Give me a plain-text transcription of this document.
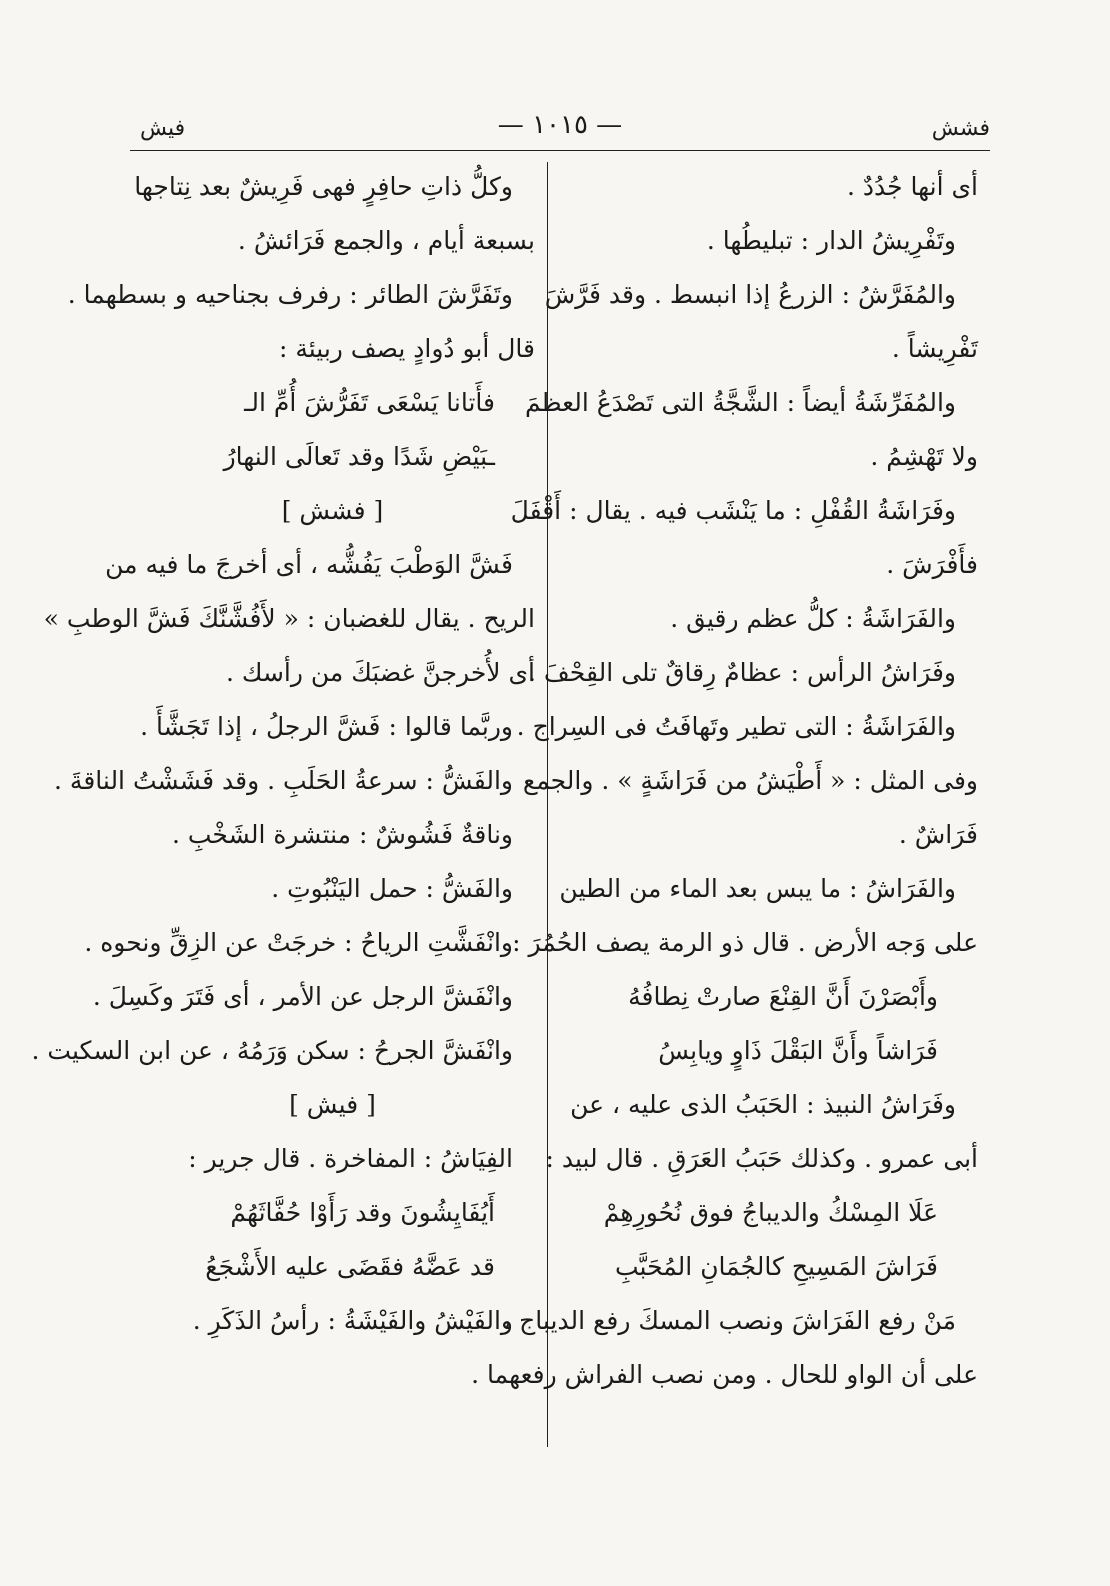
فشش
— ١٠١٥ —
فيش
أى أنها جُدُدٌ .
وتَفْرِيشُ الدار : تبليطُها .
والمُفَرَّشُ : الزرعُ إذا انبسط . وقد فَرَّشَ
تَفْرِيشاً .
والمُفَرِّشَةُ أيضاً : الشَّجَّةُ التى تَصْدَعُ العظمَ
ولا تَهْشِمُ .
وفَرَاشَةُ القُفْلِ : ما يَنْشَب فيه . يقال : أَقْفَلَ
فأَفْرَشَ .
والفَرَاشَةُ : كلُّ عظم رقيق .
وفَرَاشُ الرأس : عظامٌ رِقاقٌ تلى القِحْفَ .
والفَرَاشَةُ : التى تطير وتَهافَتُ فى السِراج .
وفى المثل : « أَطْيَشُ من فَرَاشَةٍ » . والجمع
فَرَاشٌ .
والفَرَاشُ : ما يبس بعد الماء من الطين
على وَجه الأرض . قال ذو الرمة يصف الحُمُرَ :
وأَبْصَرْنَ أَنَّ القِنْعَ صارتْ نِطافُهُ
فَرَاشاً وأَنَّ البَقْلَ ذَاوٍ ويابِسُ
وفَرَاشُ النبيذ : الحَبَبُ الذى عليه ، عن
أبى عمرو . وكذلك حَبَبُ العَرَقِ . قال لبيد :
عَلَا المِسْكُ والديباجُ فوق نُحُورِهِمْ
فَرَاشَ المَسِيحِ كالجُمَانِ المُحَبَّبِ
مَنْ رفع الفَرَاشَ ونصب المسكَ رفع الديباج ،
على أن الواو للحال . ومن نصب الفراش رفعهما .
وكلُّ ذاتِ حافِرٍ فهى فَرِيشٌ بعد نِتاجها
بسبعة أيام ، والجمع فَرَائشُ .
وتَفَرَّشَ الطائر : رفرف بجناحيه و بسطهما .
قال أبو دُوادٍ يصف ربيئة :
فأَتانا يَسْعَى تَفَرُّشَ أُمِّ الـ
ـبَيْضِ شَدًا وقد تَعالَى النهارُ
[ فشش ]
فَشَّ الوَطْبَ يَفُشُّه ، أى أخرجَ ما فيه من
الريح . يقال للغضبان : « لأَفُشَّنَّكَ فَشَّ الوطبِ »
أى لأُخرجنَّ غضبَكَ من رأسك .
وربَّما قالوا : فَشَّ الرجلُ ، إذا تَجَشَّأَ .
والفَشُّ : سرعةُ الحَلَبِ . وقد فَشَشْتُ الناقةَ .
وناقةٌ فَشُوشٌ : منتشرة الشَخْبِ .
والفَشُّ : حمل اليَنْبُوتِ .
وانْفَشَّتِ الرياحُ : خرجَتْ عن الزِقِّ ونحوه .
وانْفَشَّ الرجل عن الأمر ، أى فَتَرَ وكَسِلَ .
وانْفَشَّ الجرحُ : سكن وَرَمُهُ ، عن ابن السكيت .
[ فيش ]
الفِيَاشُ : المفاخرة . قال جرير :
أَيُفَايِشُونَ وقد رَأَوْا حُفَّاثَهُمْ
قد عَضَّهُ فقَضَى عليه الأَشْجَعُ
والفَيْشُ والفَيْشَةُ : رأسُ الذَكَرِ .
